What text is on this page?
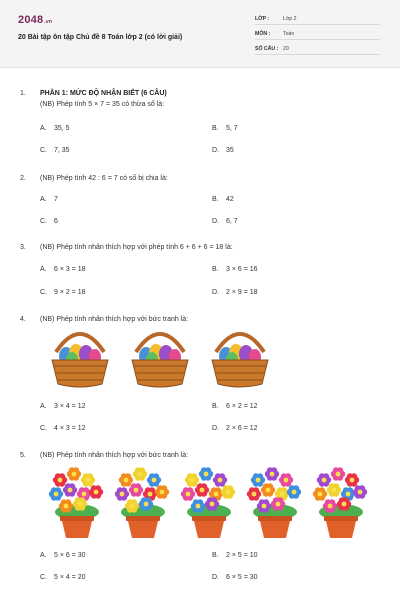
2048.vn
20 Bài tập ôn tập Chủ đề 8 Toán lớp 2 (có lời giải)
LỚP :	Lớp 2
MÔN : Toán
SỐ CÂU : 20
1. PHẦN 1: MỨC ĐỘ NHẬN BIẾT (6 CÂU)
(NB) Phép tính 5 × 7 = 35 có thừa số là:
A. 35, 5	B. 5, 7
C. 7, 35	D. 35
2. (NB) Phép tính 42 : 6 = 7 có số bị chia là:
A. 7	B. 42
C. 6	D. 6, 7
3. (NB) Phép tính nhân thích hợp với phép tính 6 + 6 + 6 = 18 là:
A. 6 × 3 = 18	B. 3 × 6 = 16
C. 9 × 2 = 18	D. 2 × 9 = 18
4. (NB) Phép tính nhân thích hợp với bức tranh là:
A. 3 × 4 = 12	B. 6 × 2 = 12
C. 4 × 3 = 12	D. 2 × 6 = 12
5. (NB) Phép tính nhân thích hợp với bức tranh là:
A. 5 × 6 = 30	B. 2 × 5 = 10
C. 5 × 4 = 20	D. 6 × 5 = 30
